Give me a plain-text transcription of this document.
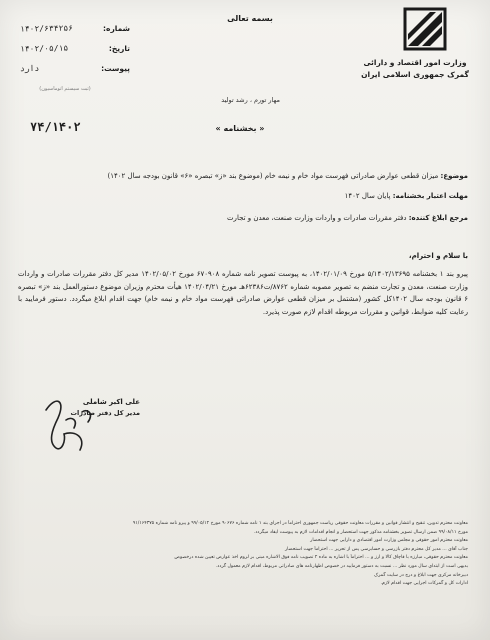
بسمه تعالی
وزارت امور اقتصاد و دارائی
گمرک جمهوری اسلامی ایران
شماره:
۱۴۰۲/۶۳۴۲۵۶
تاریخ:
۱۴۰۲/۰۵/۱۵
پیوست:
دارد
(ثبت سیستم اتوماسیون)
مهار تورم ، رشد تولید
« بخشنامه »
۷۴/۱۴۰۲
موضوع: میزان قطعی عوارض صادراتی فهرست مواد خام و نیمه خام (موضوع بند «ز» تبصره «۶» قانون بودجه سال ۱۴۰۲)
مهلت اعتبار بخشنامه: پایان سال ۱۴۰۲
مرجع ابلاغ کننده: دفتر مقررات صادرات و واردات وزارت صنعت، معدن و تجارت
با سلام و احترام،
پیرو بند ۱ بخشنامه ۵/۱۴۰۲/۱۳۶۹۵ مورخ ۱۴۰۲/۰۱/۰۹، به پیوست تصویر نامه شماره ۶۷۰۹۰۸ مورخ ۱۴۰۲/۰۵/۰۲ مدیر کل دفتر مقررات صادرات و واردات وزارت صنعت، معدن و تجارت منضم به تصویر مصوبه شماره ۸۷۶۲/ت۶۲۳۸۶هـ مورخ ۱۴۰۲/۰۴/۲۱ هیأت محترم وزیران موضوع دستورالعمل بند «ز» تبصره ۶ قانون بودجه سال ۱۴۰۲کل کشور (مشتمل بر میزان قطعی عوارض صادراتی فهرست مواد خام و نیمه خام) جهت اقدام ابلاغ میگردد. دستور فرمایید با رعایت کلیه ضوابط، قوانین و مقررات مربوطه اقدام لازم صورت پذیرد.
علی اکبر شاملی
مدیر کل دفتر صادرات
معاونت محترم تدوین، تنقیح و انتشار قوانین و مقررات معاونت حقوقی ریاست جمهوری احتراماً در اجرای بند ۱ نامه شماره ۹۰۶۷۶ مورخ ۹۹/۰۵/۱۲ و پیرو نامه شماره ۹۱/۱۶۴۳۷۵
مورخ ۹۹/۰۸/۱۱ ضمن ارسال تصویر بخشنامه مذکور جهت استحضار و انجام اقدامات لازم به پیوست ایفاد میگردد.
معاونت محترم امور حقوقی و مجلس وزارت امور اقتصادی و دارایی جهت استحضار
جناب آقای ... مدیر کل محترم دفتر بازرسی و حسابرسی پس از تحریر ... احتراماً جهت استحضار
معاونت محترم حقوقی، مبارزه با قاچاق کالا و ارز و ... احتراماً با اشاره به ماده ۲ تصویب نامه فوق الاشاره مبنی بر لزوم اخذ عوارض تعیین شده درخصوص
بدیهی است از ابتدای سال مورد نظر ... نسبت به دستور فرمایید در خصوص اظهارنامه های صادراتی مربوط، اقدام لازم معمول گردد.
دبیرخانه مرکزی جهت ابلاغ و درج در سایت گمرک
ادارات کل و گمرکات اجرایی جهت اقدام لازم.
